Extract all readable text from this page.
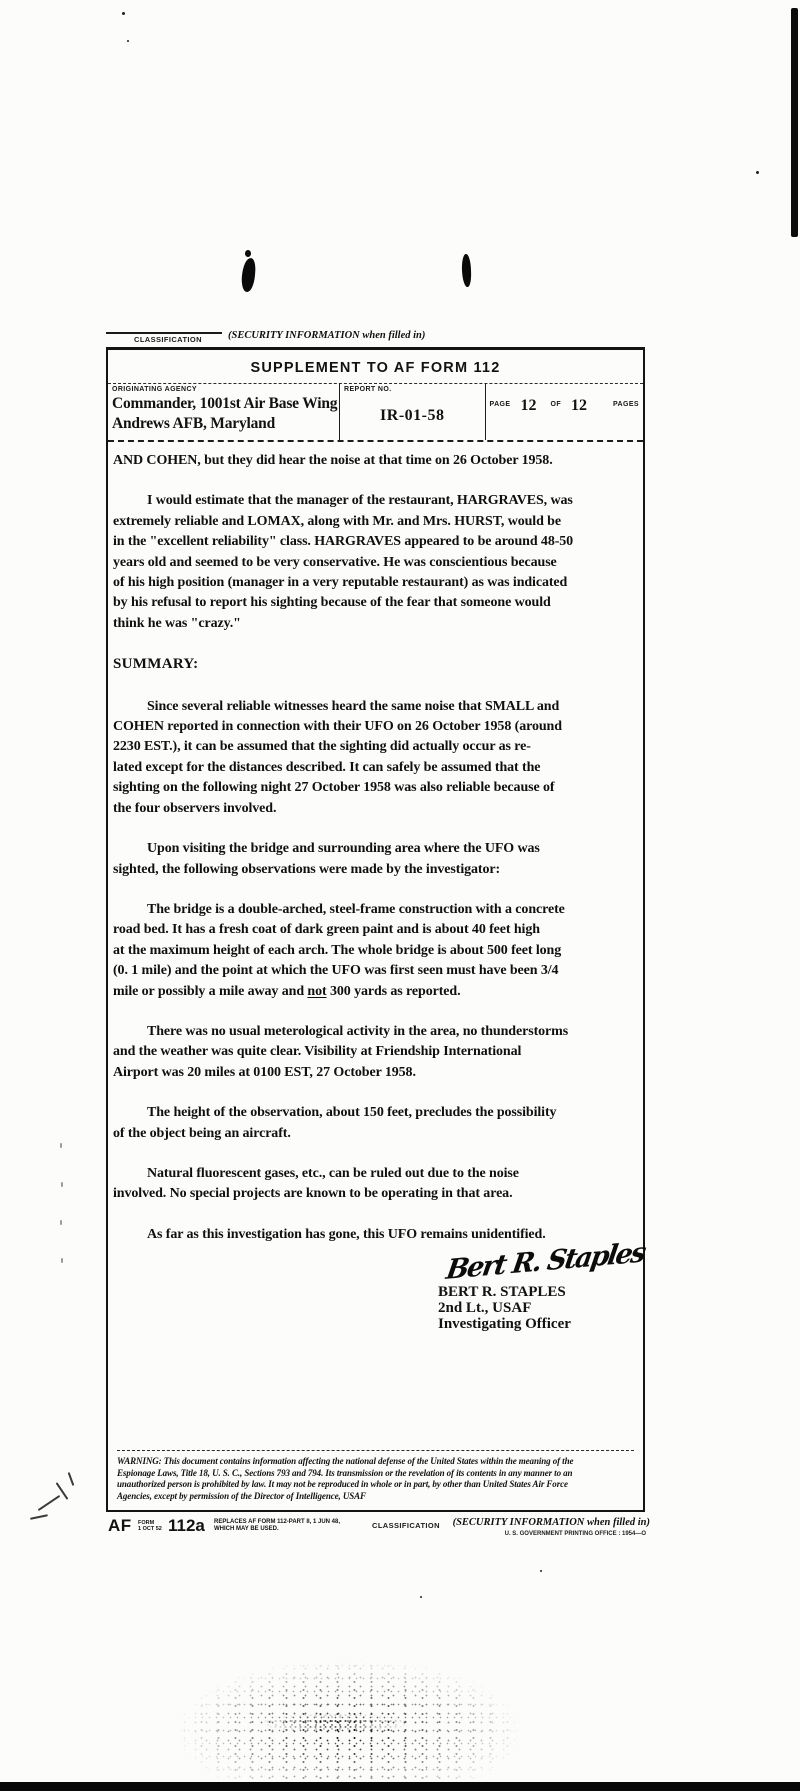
CLASSIFICATION (SECURITY INFORMATION when filled in)
SUPPLEMENT TO AF FORM 112
ORIGINATING AGENCY
Commander, 1001st Air Base Wing
Andrews AFB, Maryland
REPORT NO.
IR-01-58
PAGE 12 OF 12	PAGES

AND COHEN, but they did hear the noise at that time on 26 October 1958.

I would estimate that the manager of the restaurant, HARGRAVES, was
extremely reliable and LOMAX, along with Mr. and Mrs. HURST, would be
in the "excellent reliability" class. HARGRAVES appeared to be around 48-50
years old and seemed to be very conservative. He was conscientious because
of his high position (manager in a very reputable restaurant) as was indicated
by his refusal to report his sighting because of the fear that someone would
think he was "crazy."

SUMMARY:

Since several reliable witnesses heard the same noise that SMALL and
COHEN reported in connection with their UFO on 26 October 1958 (around
2230 EST.), it can be assumed that the sighting did actually occur as re-
lated except for the distances described. It can safely be assumed that the
sighting on the following night 27 October 1958 was also reliable because of
the four observers involved.

Upon visiting the bridge and surrounding area where the UFO was
sighted, the following observations were made by the investigator:

The bridge is a double-arched, steel-frame construction with a concrete
road bed. It has a fresh coat of dark green paint and is about 40 feet high
at the maximum height of each arch. The whole bridge is about 500 feet long
(0. 1 mile) and the point at which the UFO was first seen must have been 3/4
mile or possibly a mile away and not 300 yards as reported.

There was no usual meterological activity in the area, no thunderstorms
and the weather was quite clear. Visibility at Friendship International
Airport was 20 miles at 0100 EST, 27 October 1958.

The height of the observation, about 150 feet, precludes the possibility
of the object being an aircraft.

Natural fluorescent gases, etc., can be ruled out due to the noise
involved. No special projects are known to be operating in that area.

As far as this investigation has gone, this UFO remains unidentified.

Bert R. Staples
BERT R. STAPLES
2nd Lt., USAF
Investigating Officer
WARNING: This document contains information affecting the national defense of the United States within the meaning of the
Espionage Laws, Title 18, U. S. C., Sections 793 and 794. Its transmission or the revelation of its contents in any manner to an
unauthorized person is prohibited by law. It may not be reproduced in whole or in part, by other than United States Air Force
Agencies, except by permission of the Director of Intelligence, USAF
AF FORM
1 OCT 52 112a REPLACES AF FORM 112-PART II, 1 JUN 48,
WHICH MAY BE USED.	CLASSIFICATION (SECURITY INFORMATION when filled in)
U. S. GOVERNMENT PRINTING OFFICE : 1954—O
